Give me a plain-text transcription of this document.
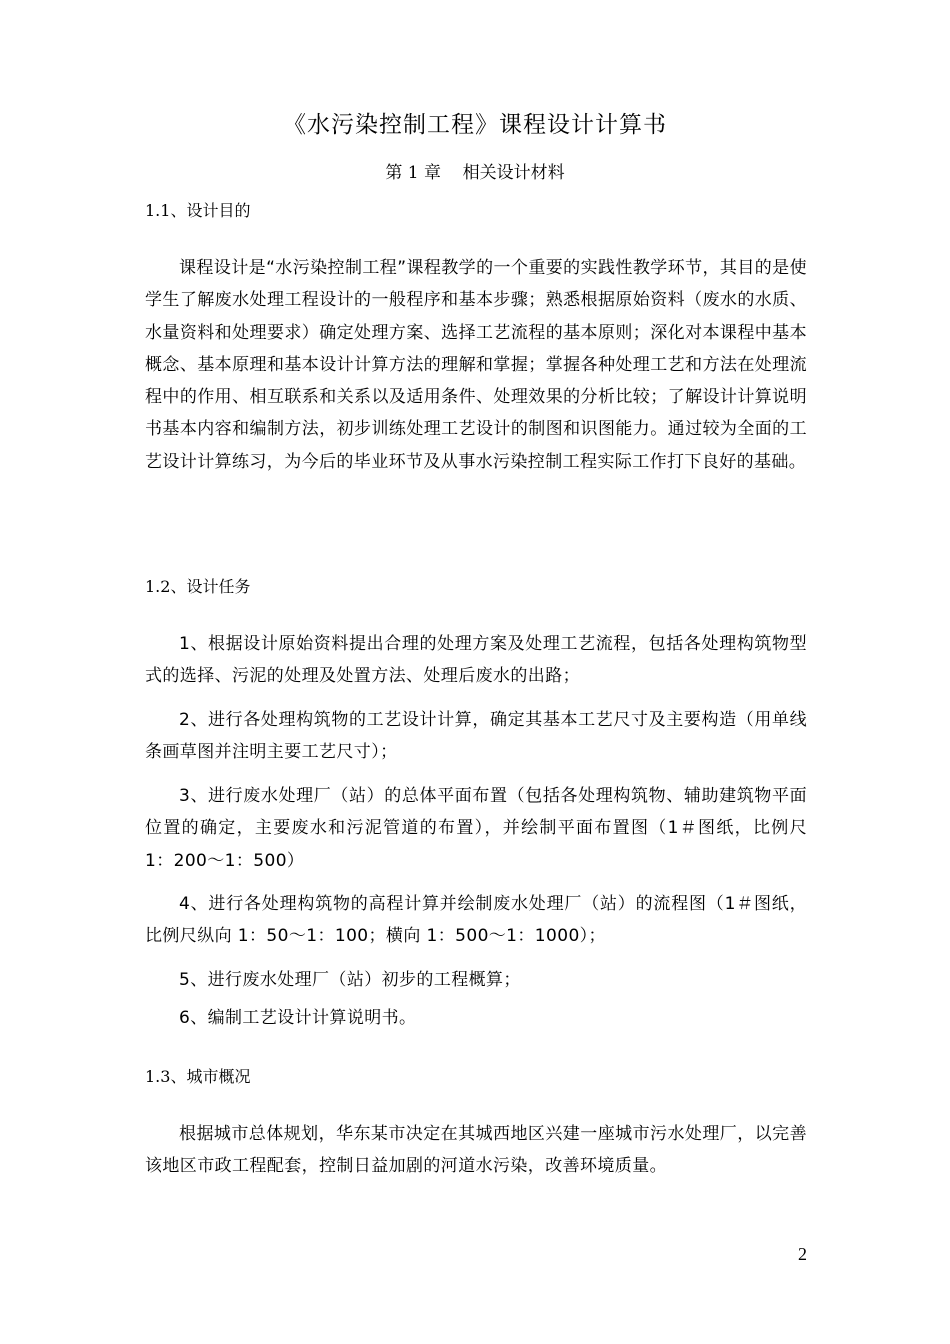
《水污染控制工程》课程设计计算书
第 1 章    相关设计材料
1.1、设计目的

课程设计是“水污染控制工程”课程教学的一个重要的实践性教学环节，其目的是使学生了解废水处理工程设计的一般程序和基本步骤；熟悉根据原始资料（废水的水质、水量资料和处理要求）确定处理方案、选择工艺流程的基本原则；深化对本课程中基本概念、基本原理和基本设计计算方法的理解和掌握；掌握各种处理工艺和方法在处理流程中的作用、相互联系和关系以及适用条件、处理效果的分析比较；了解设计计算说明书基本内容和编制方法，初步训练处理工艺设计的制图和识图能力。通过较为全面的工艺设计计算练习，为今后的毕业环节及从事水污染控制工程实际工作打下良好的基础。

1.2、设计任务

1、根据设计原始资料提出合理的处理方案及处理工艺流程，包括各处理构筑物型式的选择、污泥的处理及处置方法、处理后废水的出路；

2、进行各处理构筑物的工艺设计计算，确定其基本工艺尺寸及主要构造（用单线条画草图并注明主要工艺尺寸）；

3、进行废水处理厂（站）的总体平面布置（包括各处理构筑物、辅助建筑物平面位置的确定，主要废水和污泥管道的布置），并绘制平面布置图（1＃图纸，比例尺 1：200～1：500）

4、进行各处理构筑物的高程计算并绘制废水处理厂（站）的流程图（1＃图纸，比例尺纵向 1：50～1：100；横向 1：500～1：1000）；

5、进行废水处理厂（站）初步的工程概算；

6、编制工艺设计计算说明书。

1.3、城市概况

根据城市总体规划，华东某市决定在其城西地区兴建一座城市污水处理厂，以完善该地区市政工程配套，控制日益加剧的河道水污染，改善环境质量。

2
